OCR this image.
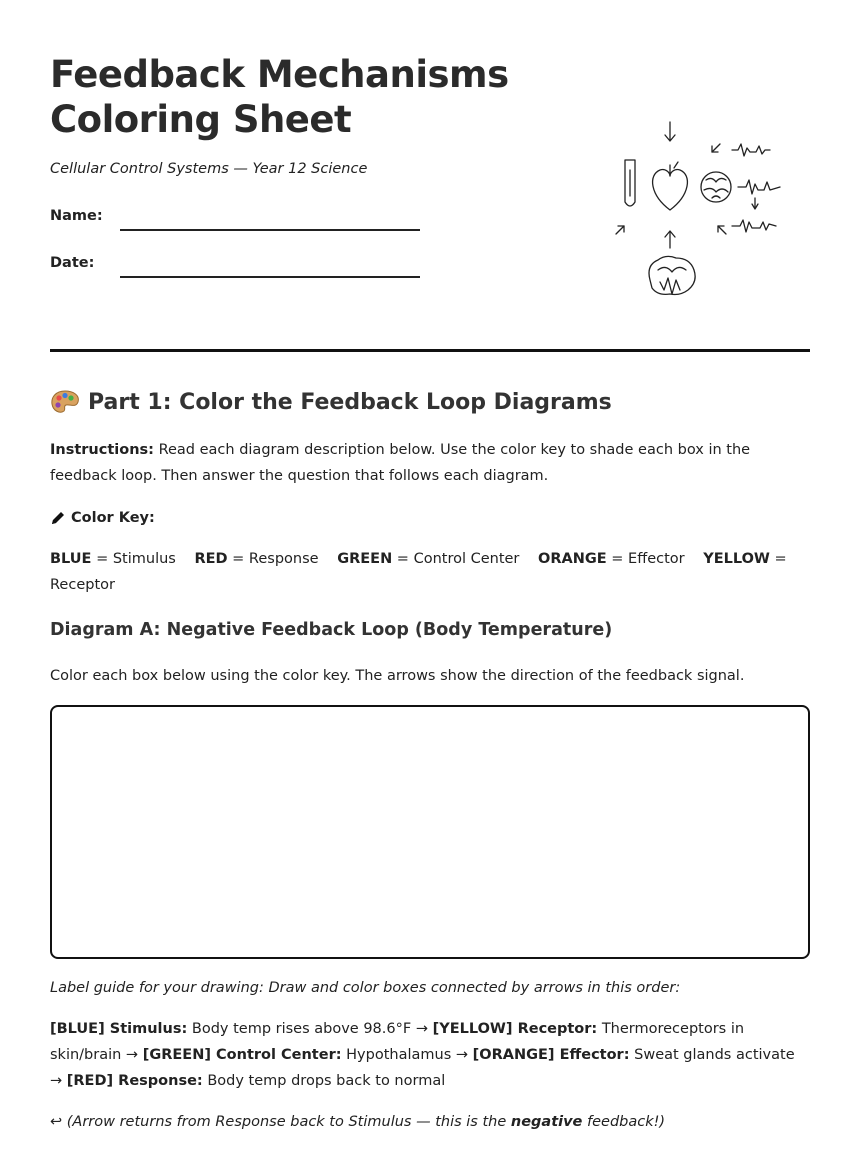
Feedback Mechanisms
Coloring Sheet

Cellular Control Systems — Year 12 Science

Name:
Date:
Part 1: Color the Feedback Loop Diagrams

Instructions: Read each diagram description below. Use the color key to shade each box in the feedback loop. Then answer the question that follows each diagram.

Color Key:

BLUE = Stimulus RED = Response GREEN = Control Center ORANGE = Effector YELLOW = Receptor

Diagram A: Negative Feedback Loop (Body Temperature)

Color each box below using the color key. The arrows show the direction of the feedback signal.

Label guide for your drawing: Draw and color boxes connected by arrows in this order:

[BLUE] Stimulus: Body temp rises above 98.6°F → [YELLOW] Receptor: Thermoreceptors in skin/brain → [GREEN] Control Center: Hypothalamus → [ORANGE] Effector: Sweat glands activate → [RED] Response: Body temp drops back to normal

↩ (Arrow returns from Response back to Stimulus — this is the negative feedback!)
